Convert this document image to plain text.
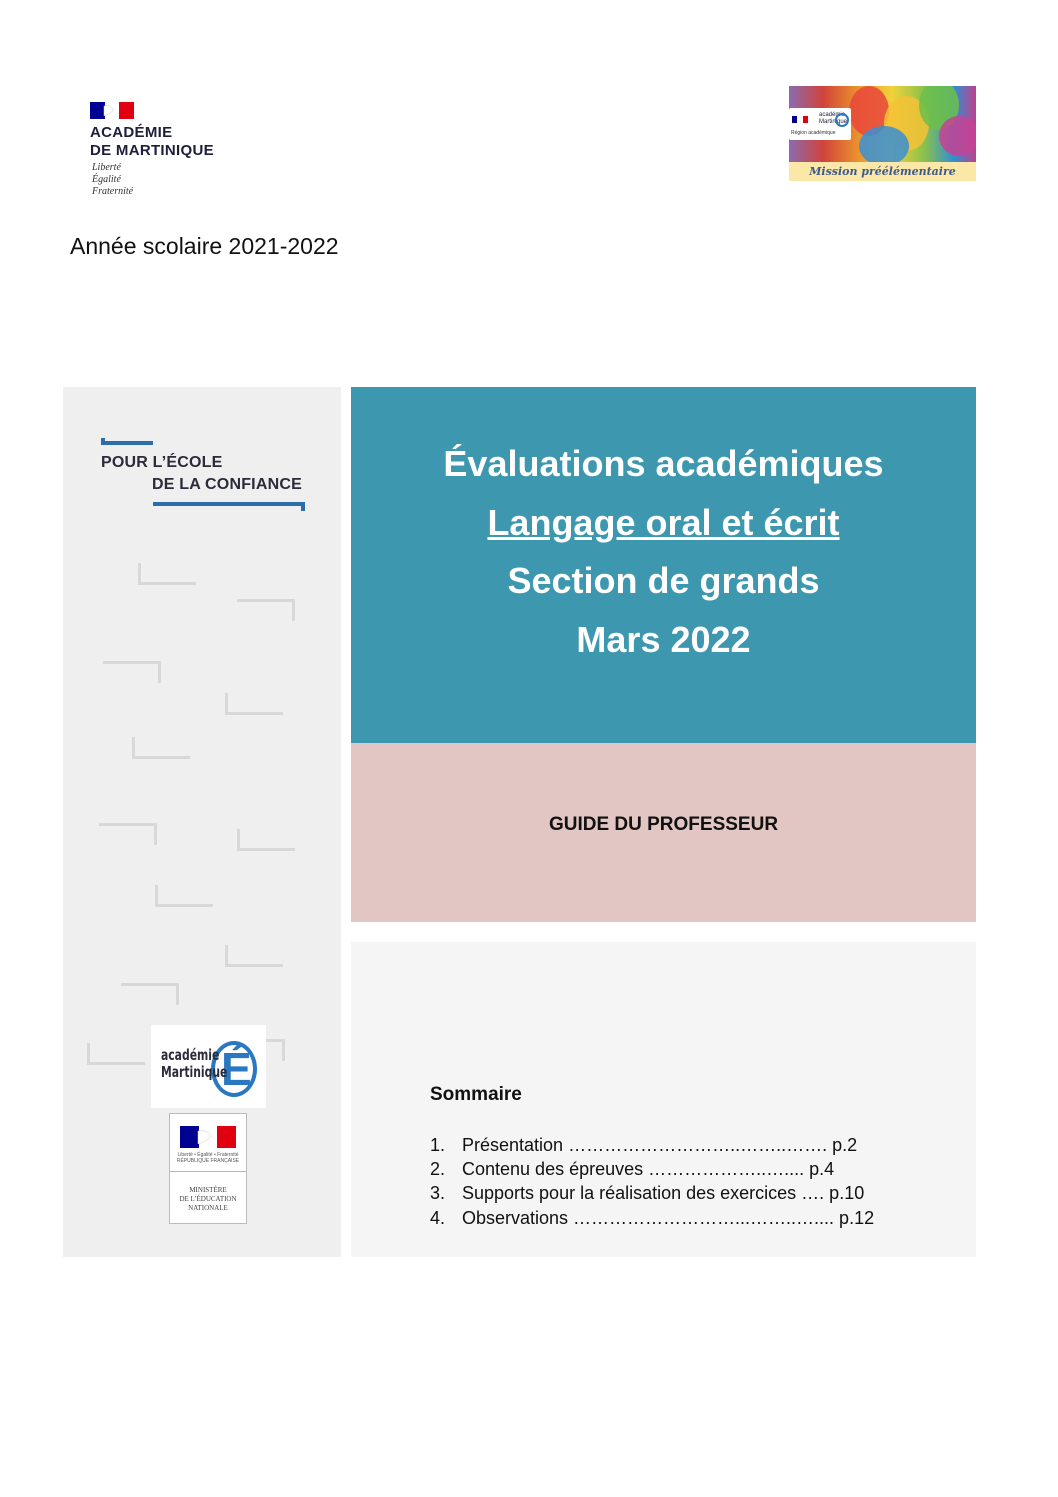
ACADÉMIE
DE MARTINIQUE
Liberté
Égalité
Fraternité
académie
Martinique
Région académique
Mission préélémentaire
Année scolaire 2021-2022
POUR L’ÉCOLE
DE LA CONFIANCE
É
académie
Martinique
Liberté • Égalité • Fraternité RÉPUBLIQUE FRANÇAISE
MINISTÈRE
DE L’ÉDUCATION
NATIONALE
Évaluations académiques
Langage oral et écrit
Section de grands
Mars 2022
GUIDE DU PROFESSEUR
Sommaire
1. Présentation ………………………..……..……. p.2
2. Contenu des épreuves ………………..….... p.4
3. Supports pour la réalisation des exercices …. p.10
4. Observations ………………………...……..….... p.12
